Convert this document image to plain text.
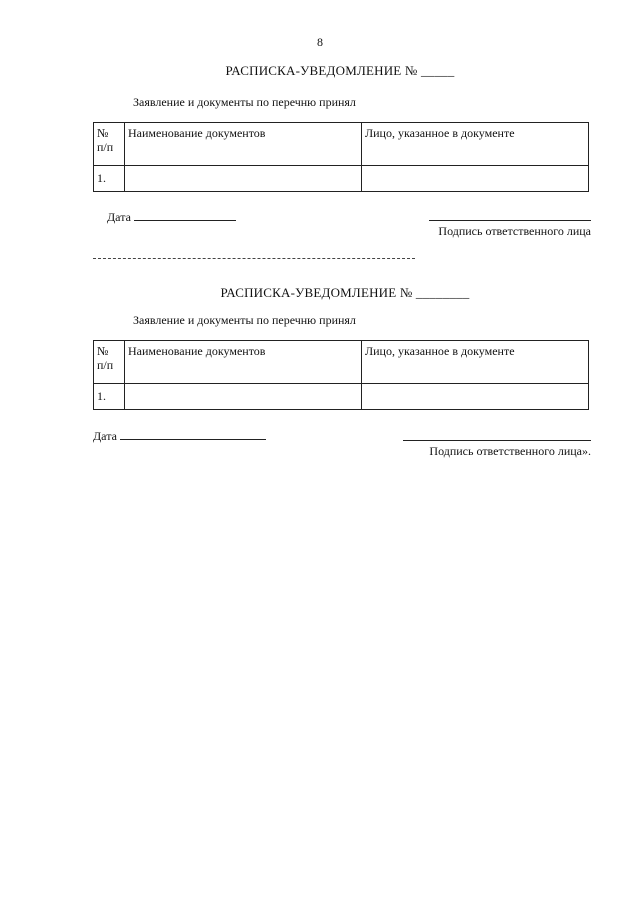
8
РАСПИСКА-УВЕДОМЛЕНИЕ № _____
Заявление и документы по перечню принял
№ п/п	Наименование документов	Лицо, указанное в документе
1.		
Дата
Подпись ответственного лица
РАСПИСКА-УВЕДОМЛЕНИЕ № ________
Заявление и документы по перечню принял
№ п/п	Наименование документов	Лицо, указанное в документе
1.		
Дата
Подпись ответственного лица».
